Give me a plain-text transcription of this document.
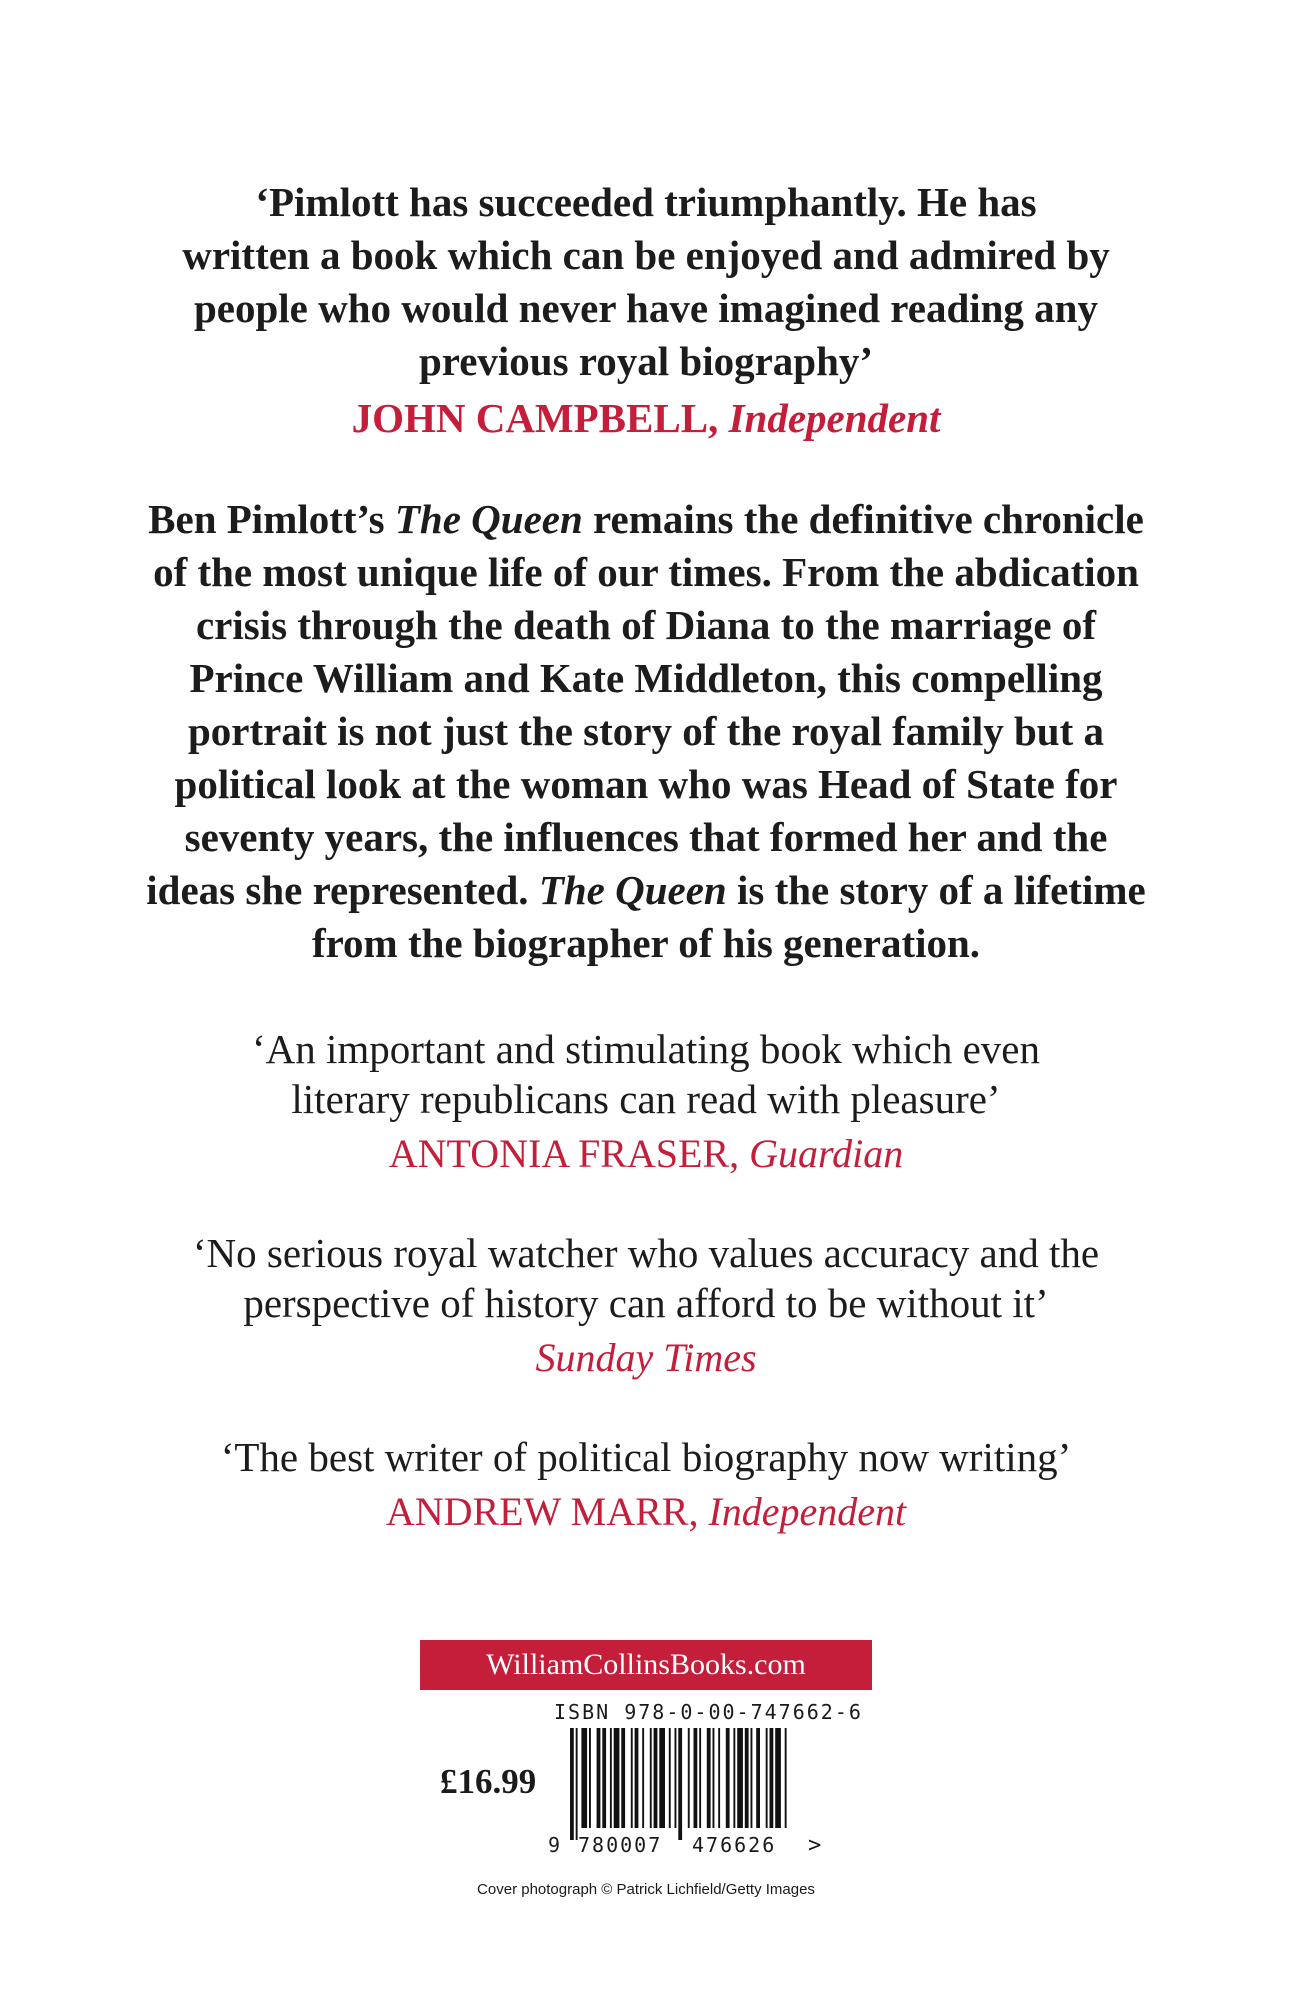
‘Pimlott has succeeded triumphantly. He has
written a book which can be enjoyed and admired by
people who would never have imagined reading any
previous royal biography’
JOHN CAMPBELL, Independent
Ben Pimlott’s The Queen remains the definitive chronicle
of the most unique life of our times. From the abdication
crisis through the death of Diana to the marriage of
Prince William and Kate Middleton, this compelling
portrait is not just the story of the royal family but a
political look at the woman who was Head of State for
seventy years, the influences that formed her and the
ideas she represented. The Queen is the story of a lifetime
from the biographer of his generation.
‘An important and stimulating book which even
literary republicans can read with pleasure’
ANTONIA FRASER, Guardian
‘No serious royal watcher who values accuracy and the
perspective of history can afford to be without it’
Sunday Times
‘The best writer of political biography now writing’
ANDREW MARR, Independent
WilliamCollinsBooks.com
ISBN 978-0-00-747662-6
£16.99
9 780007 476626 >
Cover photograph © Patrick Lichfield/Getty Images
